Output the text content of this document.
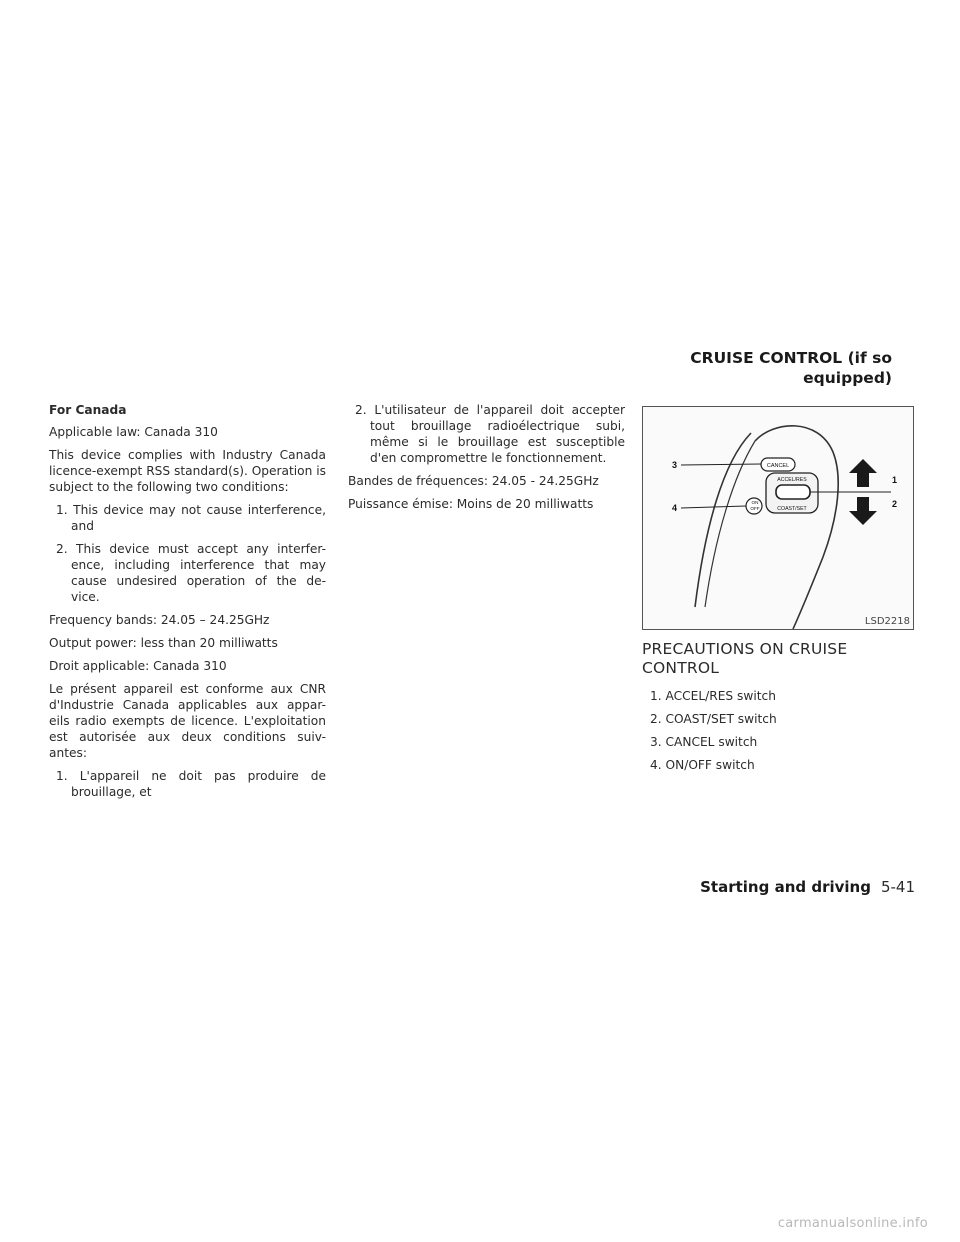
CRUISE CONTROL (if so equipped)

For Canada

Applicable law: Canada 310

This device complies with Industry Canada licence-exempt RSS standard(s). Operation is subject to the following two conditions:

1. This device may not cause interference, and
2. This device must accept any interfer- ence, including interference that may cause undesired operation of the de- vice.

Frequency bands: 24.05 – 24.25GHz

Output power: less than 20 milliwatts

Droit applicable: Canada 310

Le présent appareil est conforme aux CNR d'Industrie Canada applicables aux appar- eils radio exempts de licence. L'exploitation est autorisée aux deux conditions suiv- antes:

1. L'appareil ne doit pas produire de brouillage, et
2. L'utilisateur de l'appareil doit accepter tout brouillage radioélectrique subi, même si le brouillage est susceptible d'en compromettre le fonctionnement.

Bandes de fréquences: 24.05 - 24.25GHz

Puissance émise: Moins de 20 milliwatts

CANCEL
ACCEL/RES
COAST/SET
ON
OFF
3
4
1
2
LSD2218
PRECAUTIONS ON CRUISE
CONTROL
1. ACCEL/RES switch
2. COAST/SET switch
3. CANCEL switch
4. ON/OFF switch
Starting and driving 5-41
carmanualsonline.info
